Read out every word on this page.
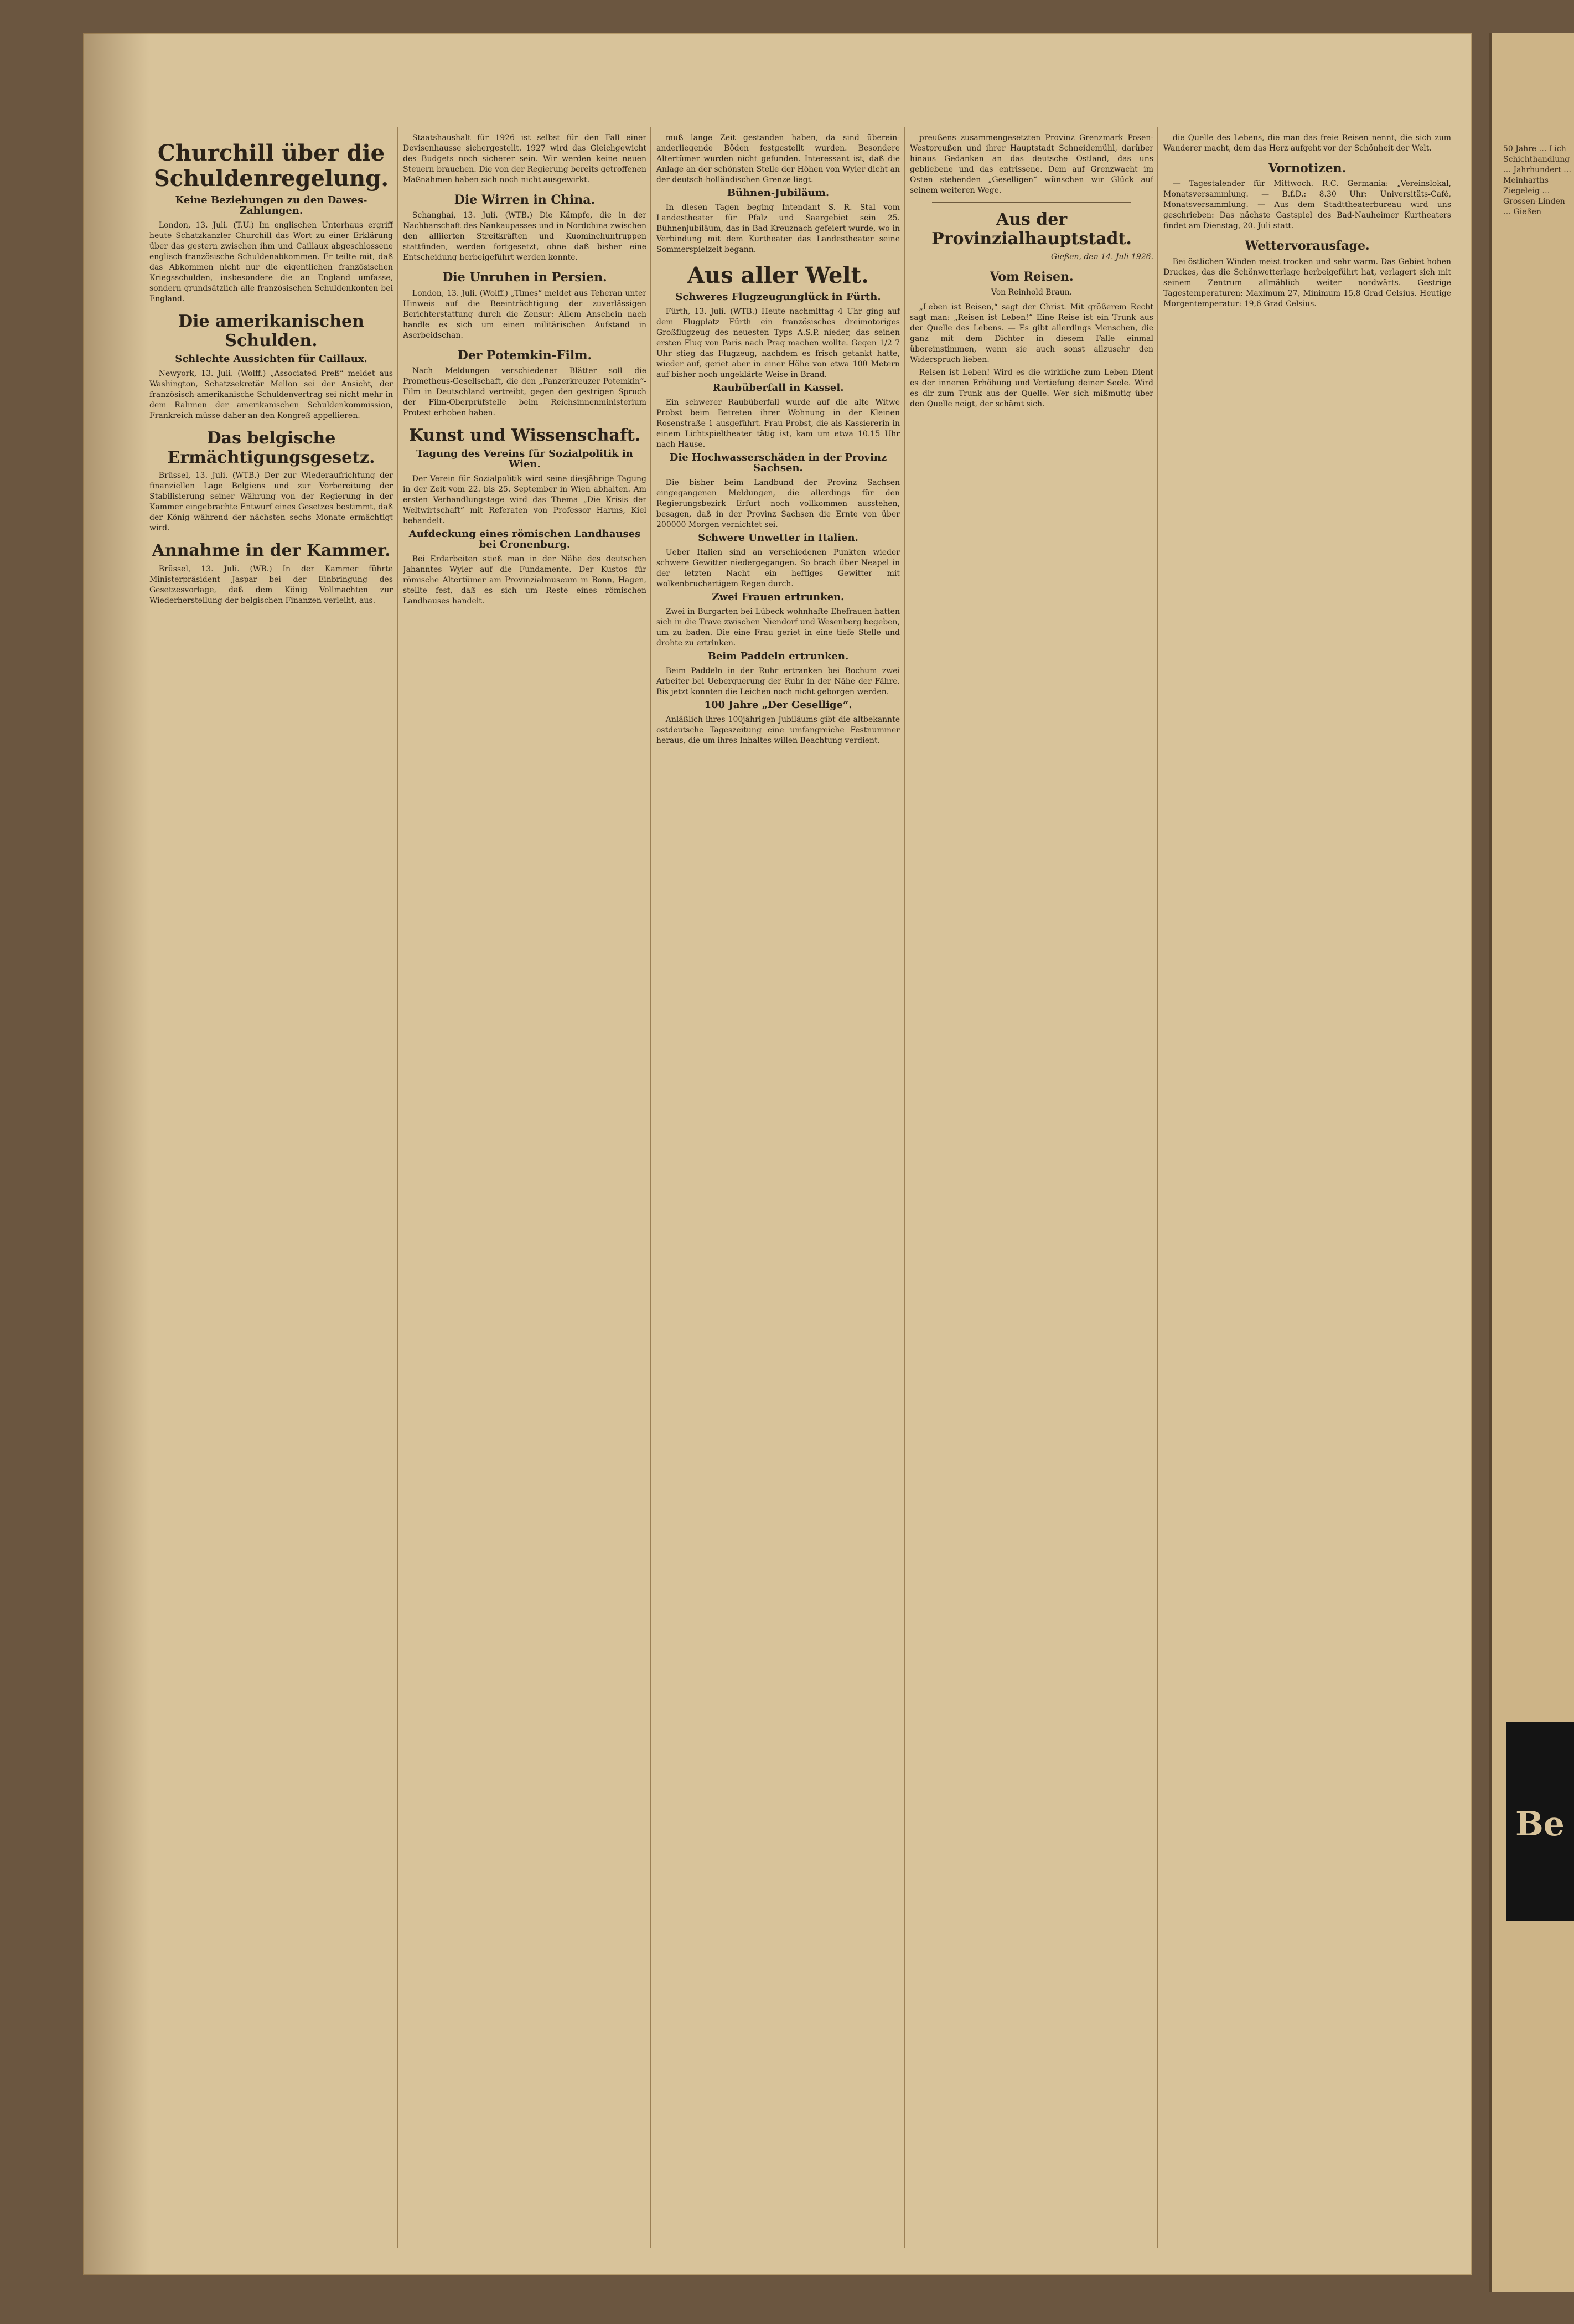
Churchill über die Schuldenregelung.
Keine Beziehungen zu den Dawes-Zahlungen.

London, 13. Juli. (T.U.) Im englischen Unterhaus ergriff heute Schatzkanzler Churchill das Wort zu einer Erklärung über das gestern zwischen ihm und Caillaux abgeschlossene englisch-französische Schuldenabkommen. Er teilte mit, daß das Abkommen nicht nur die eigentlichen französischen Kriegsschulden, insbesondere die an England umfasse, sondern grundsätzlich alle französischen Schuldenkonten bei England.

Die amerikanischen Schulden.
Schlechte Aussichten für Caillaux.

Newyork, 13. Juli. (Wolff.) „Associated Preß“ meldet aus Washington, Schatzsekretär Mellon sei der Ansicht, der französisch-amerikanische Schuldenvertrag sei nicht mehr in dem Rahmen der amerikanischen Schuldenkommission, Frankreich müsse daher an den Kongreß appellieren.

Das belgische Ermächtigungsgesetz.

Brüssel, 13. Juli. (WTB.) Der zur Wiederaufrichtung der finanziellen Lage Belgiens und zur Vorbereitung der Stabilisierung seiner Währung von der Regierung in der Kammer eingebrachte Entwurf eines Gesetzes bestimmt, daß der König während der nächsten sechs Monate ermächtigt wird.

Annahme in der Kammer.

Brüssel, 13. Juli. (WB.) In der Kammer führte Ministerpräsident Jaspar bei der Einbringung des Gesetzesvorlage, daß dem König Vollmachten zur Wiederherstellung der belgischen Finanzen verleiht, aus.

Staatshaushalt für 1926 ist selbst für den Fall einer Devisenhausse sichergestellt. 1927 wird das Gleichgewicht des Budgets noch sicherer sein. Wir werden keine neuen Steuern brauchen. Die von der Regierung bereits getroffenen Maßnahmen haben sich noch nicht ausgewirkt.

Die Wirren in China.

Schanghai, 13. Juli. (WTB.) Die Kämpfe, die in der Nachbarschaft des Nankaupasses und in Nordchina zwischen den alliierten Streitkräften und Kuominchuntruppen stattfinden, werden fortgesetzt, ohne daß bisher eine Entscheidung herbeigeführt werden konnte.

Die Unruhen in Persien.

London, 13. Juli. (Wolff.) „Times“ meldet aus Teheran unter Hinweis auf die Beeinträchtigung der zuverlässigen Berichterstattung durch die Zensur: Allem Anschein nach handle es sich um einen militärischen Aufstand in Aserbeidschan.

Der Potemkin-Film.

Nach Meldungen verschiedener Blätter soll die Prometheus-Gesellschaft, die den „Panzerkreuzer Potemkin“-Film in Deutschland vertreibt, gegen den gestrigen Spruch der Film-Oberprüfstelle beim Reichsinnenministerium Protest erhoben haben.

Kunst und Wissenschaft.
Tagung des Vereins für Sozialpolitik in Wien.

Der Verein für Sozialpolitik wird seine diesjährige Tagung in der Zeit vom 22. bis 25. September in Wien abhalten. Am ersten Verhandlungstage wird das Thema „Die Krisis der Weltwirtschaft“ mit Referaten von Professor Harms, Kiel behandelt.

Aufdeckung eines römischen Landhauses bei Cronenburg.

Bei Erdarbeiten stieß man in der Nähe des deutschen Jahanntes Wyler auf die Fundamente. Der Kustos für römische Altertümer am Provinzialmuseum in Bonn, Hagen, stellte fest, daß es sich um Reste eines römischen Landhauses handelt.

muß lange Zeit gestanden haben, da sind überein-anderliegende Böden festgestellt wurden. Besondere Altertümer wurden nicht gefunden. Interessant ist, daß die Anlage an der schönsten Stelle der Höhen von Wyler dicht an der deutsch-holländischen Grenze liegt.

Bühnen-Jubiläum.

In diesen Tagen beging Intendant S. R. Stal vom Landestheater für Pfalz und Saargebiet sein 25. Bühnenjubiläum, das in Bad Kreuznach gefeiert wurde, wo in Verbindung mit dem Kurtheater das Landestheater seine Sommerspielzeit begann.

Aus aller Welt.
Schweres Flugzeugunglück in Fürth.

Fürth, 13. Juli. (WTB.) Heute nachmittag 4 Uhr ging auf dem Flugplatz Fürth ein französisches dreimotoriges Großflugzeug des neuesten Typs A.S.P. nieder, das seinen ersten Flug von Paris nach Prag machen wollte. Gegen 1/2 7 Uhr stieg das Flugzeug, nachdem es frisch getankt hatte, wieder auf, geriet aber in einer Höhe von etwa 100 Metern auf bisher noch ungeklärte Weise in Brand.

Raubüberfall in Kassel.

Ein schwerer Raubüberfall wurde auf die alte Witwe Probst beim Betreten ihrer Wohnung in der Kleinen Rosenstraße 1 ausgeführt. Frau Probst, die als Kassiererin in einem Lichtspieltheater tätig ist, kam um etwa 10.15 Uhr nach Hause.

Die Hochwasserschäden in der Provinz Sachsen.

Die bisher beim Landbund der Provinz Sachsen eingegangenen Meldungen, die allerdings für den Regierungsbezirk Erfurt noch vollkommen ausstehen, besagen, daß in der Provinz Sachsen die Ernte von über 200000 Morgen vernichtet sei.

Schwere Unwetter in Italien.

Ueber Italien sind an verschiedenen Punkten wieder schwere Gewitter niedergegangen. So brach über Neapel in der letzten Nacht ein heftiges Gewitter mit wolkenbruchartigem Regen durch.

Zwei Frauen ertrunken.

Zwei in Burgarten bei Lübeck wohnhafte Ehefrauen hatten sich in die Trave zwischen Niendorf und Wesenberg begeben, um zu baden. Die eine Frau geriet in eine tiefe Stelle und drohte zu ertrinken.

Beim Paddeln ertrunken.

Beim Paddeln in der Ruhr ertranken bei Bochum zwei Arbeiter bei Ueberquerung der Ruhr in der Nähe der Fähre. Bis jetzt konnten die Leichen noch nicht geborgen werden.

100 Jahre „Der Gesellige“.

Anläßlich ihres 100jährigen Jubiläums gibt die altbekannte ostdeutsche Tageszeitung eine umfangreiche Festnummer heraus, die um ihres Inhaltes willen Beachtung verdient.

preußens zusammengesetzten Provinz Grenzmark Posen-Westpreußen und ihrer Hauptstadt Schneidemühl, darüber hinaus Gedanken an das deutsche Ostland, das uns gebliebene und das entrissene. Dem auf Grenzwacht im Osten stehenden „Geselligen“ wünschen wir Glück auf seinem weiteren Wege.

Aus der Provinzialhauptstadt.
Gießen, den 14. Juli 1926.
Vom Reisen.
Von Reinhold Braun.

„Leben ist Reisen,“ sagt der Christ. Mit größerem Recht sagt man: „Reisen ist Leben!“ Eine Reise ist ein Trunk aus der Quelle des Lebens. — Es gibt allerdings Menschen, die ganz mit dem Dichter in diesem Falle einmal übereinstimmen, wenn sie auch sonst allzusehr den Widerspruch lieben.

Reisen ist Leben! Wird es die wirkliche zum Leben Dient es der inneren Erhöhung und Vertiefung deiner Seele. Wird es dir zum Trunk aus der Quelle. Wer sich mißmutig über den Quelle neigt, der schämt sich.

die Quelle des Lebens, die man das freie Reisen nennt, die sich zum Wanderer macht, dem das Herz aufgeht vor der Schönheit der Welt.

Vornotizen.

— Tagestalender für Mittwoch. R.C. Germania: „Vereinslokal, Monatsversammlung. — B.f.D.: 8.30 Uhr: Universitäts-Café, Monatsversammlung. — Aus dem Stadttheaterbureau wird uns geschrieben: Das nächste Gastspiel des Bad-Nauheimer Kurtheaters findet am Dienstag, 20. Juli statt.

Wettervorausfage.

Bei östlichen Winden meist trocken und sehr warm. Das Gebiet hohen Druckes, das die Schönwetterlage herbeigeführt hat, verlagert sich mit seinem Zentrum allmählich weiter nordwärts. Gestrige Tagestemperaturen: Maximum 27, Minimum 15,8 Grad Celsius. Heutige Morgentemperatur: 19,6 Grad Celsius.

50 Jahre … Lich Schichthandlung … Jahrhundert … Meinharths Ziegeleig … Grossen-Linden … Gießen
Be
